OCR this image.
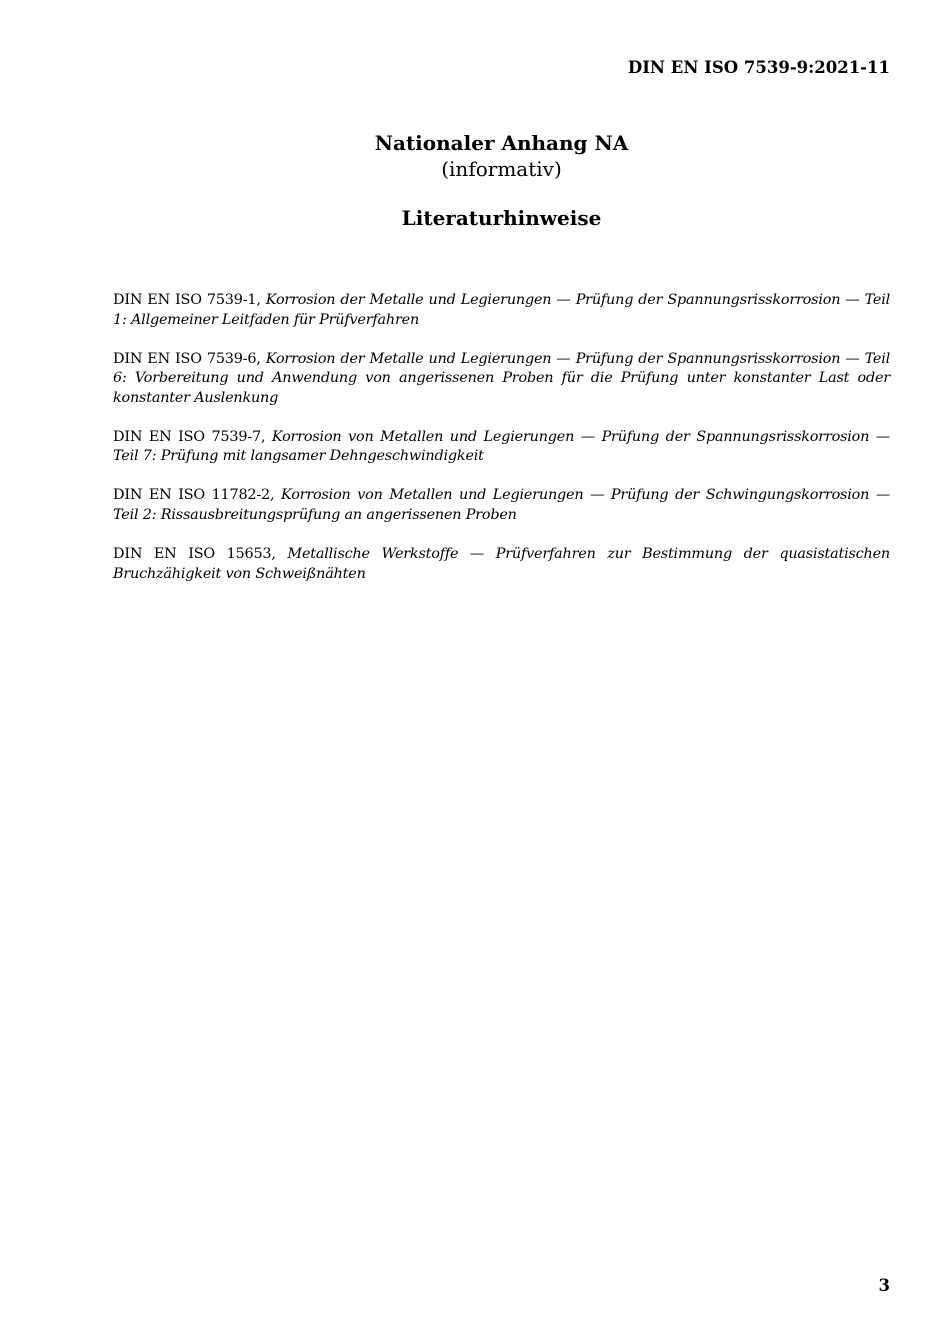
DIN EN ISO 7539-9:2021-11
Nationaler Anhang NA
(informativ)
Literaturhinweise

DIN EN ISO 7539-1, Korrosion der Metalle und Legierungen — Prüfung der Spannungsrisskorrosion — Teil 1: Allgemeiner Leitfaden für Prüfverfahren

DIN EN ISO 7539-6, Korrosion der Metalle und Legierungen — Prüfung der Spannungsrisskorrosion — Teil 6: Vorbereitung und Anwendung von angerissenen Proben für die Prüfung unter konstanter Last oder konstanter Auslenkung

DIN EN ISO 7539-7, Korrosion von Metallen und Legierungen — Prüfung der Spannungsrisskorrosion — Teil 7: Prüfung mit langsamer Dehngeschwindigkeit

DIN EN ISO 11782-2, Korrosion von Metallen und Legierungen — Prüfung der Schwingungskorrosion — Teil 2: Rissausbreitungsprüfung an angerissenen Proben

DIN EN ISO 15653, Metallische Werkstoffe — Prüfverfahren zur Bestimmung der quasistatischen Bruchzähigkeit von Schweißnähten

3
